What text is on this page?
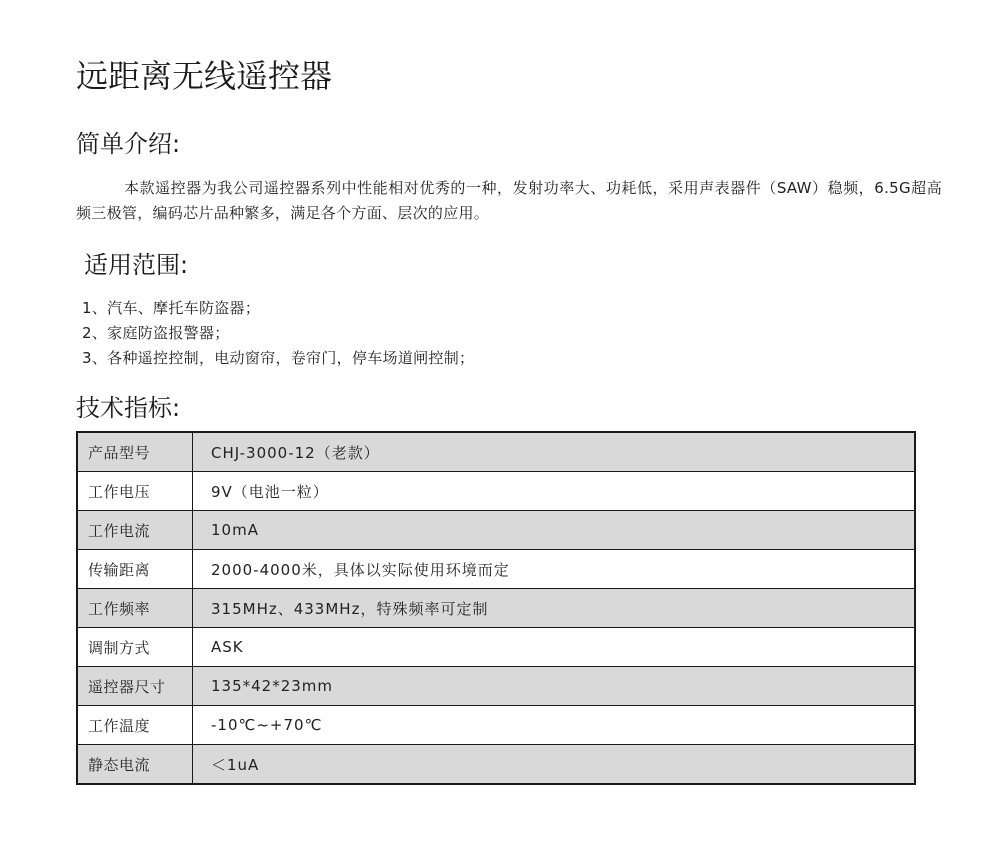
远距离无线遥控器
简单介绍:

本款遥控器为我公司遥控器系列中性能相对优秀的一种，发射功率大、功耗低，采用声表器件（SAW）稳频，6.5G超高频三极管，编码芯片品种繁多，满足各个方面、层次的应用。

适用范围:
1、汽车、摩托车防盗器；
2、家庭防盗报警器；
3、各种遥控控制，电动窗帘，卷帘门，停车场道闸控制；
技术指标:
产品型号	CHJ-3000-12（老款）
工作电压	9V（电池一粒）
工作电流	10mA
传输距离	2000-4000米，具体以实际使用环境而定
工作频率	315MHz、433MHz，特殊频率可定制
调制方式	ASK
遥控器尺寸	135*42*23mm
工作温度	-10℃~+70℃
静态电流	＜1uA
